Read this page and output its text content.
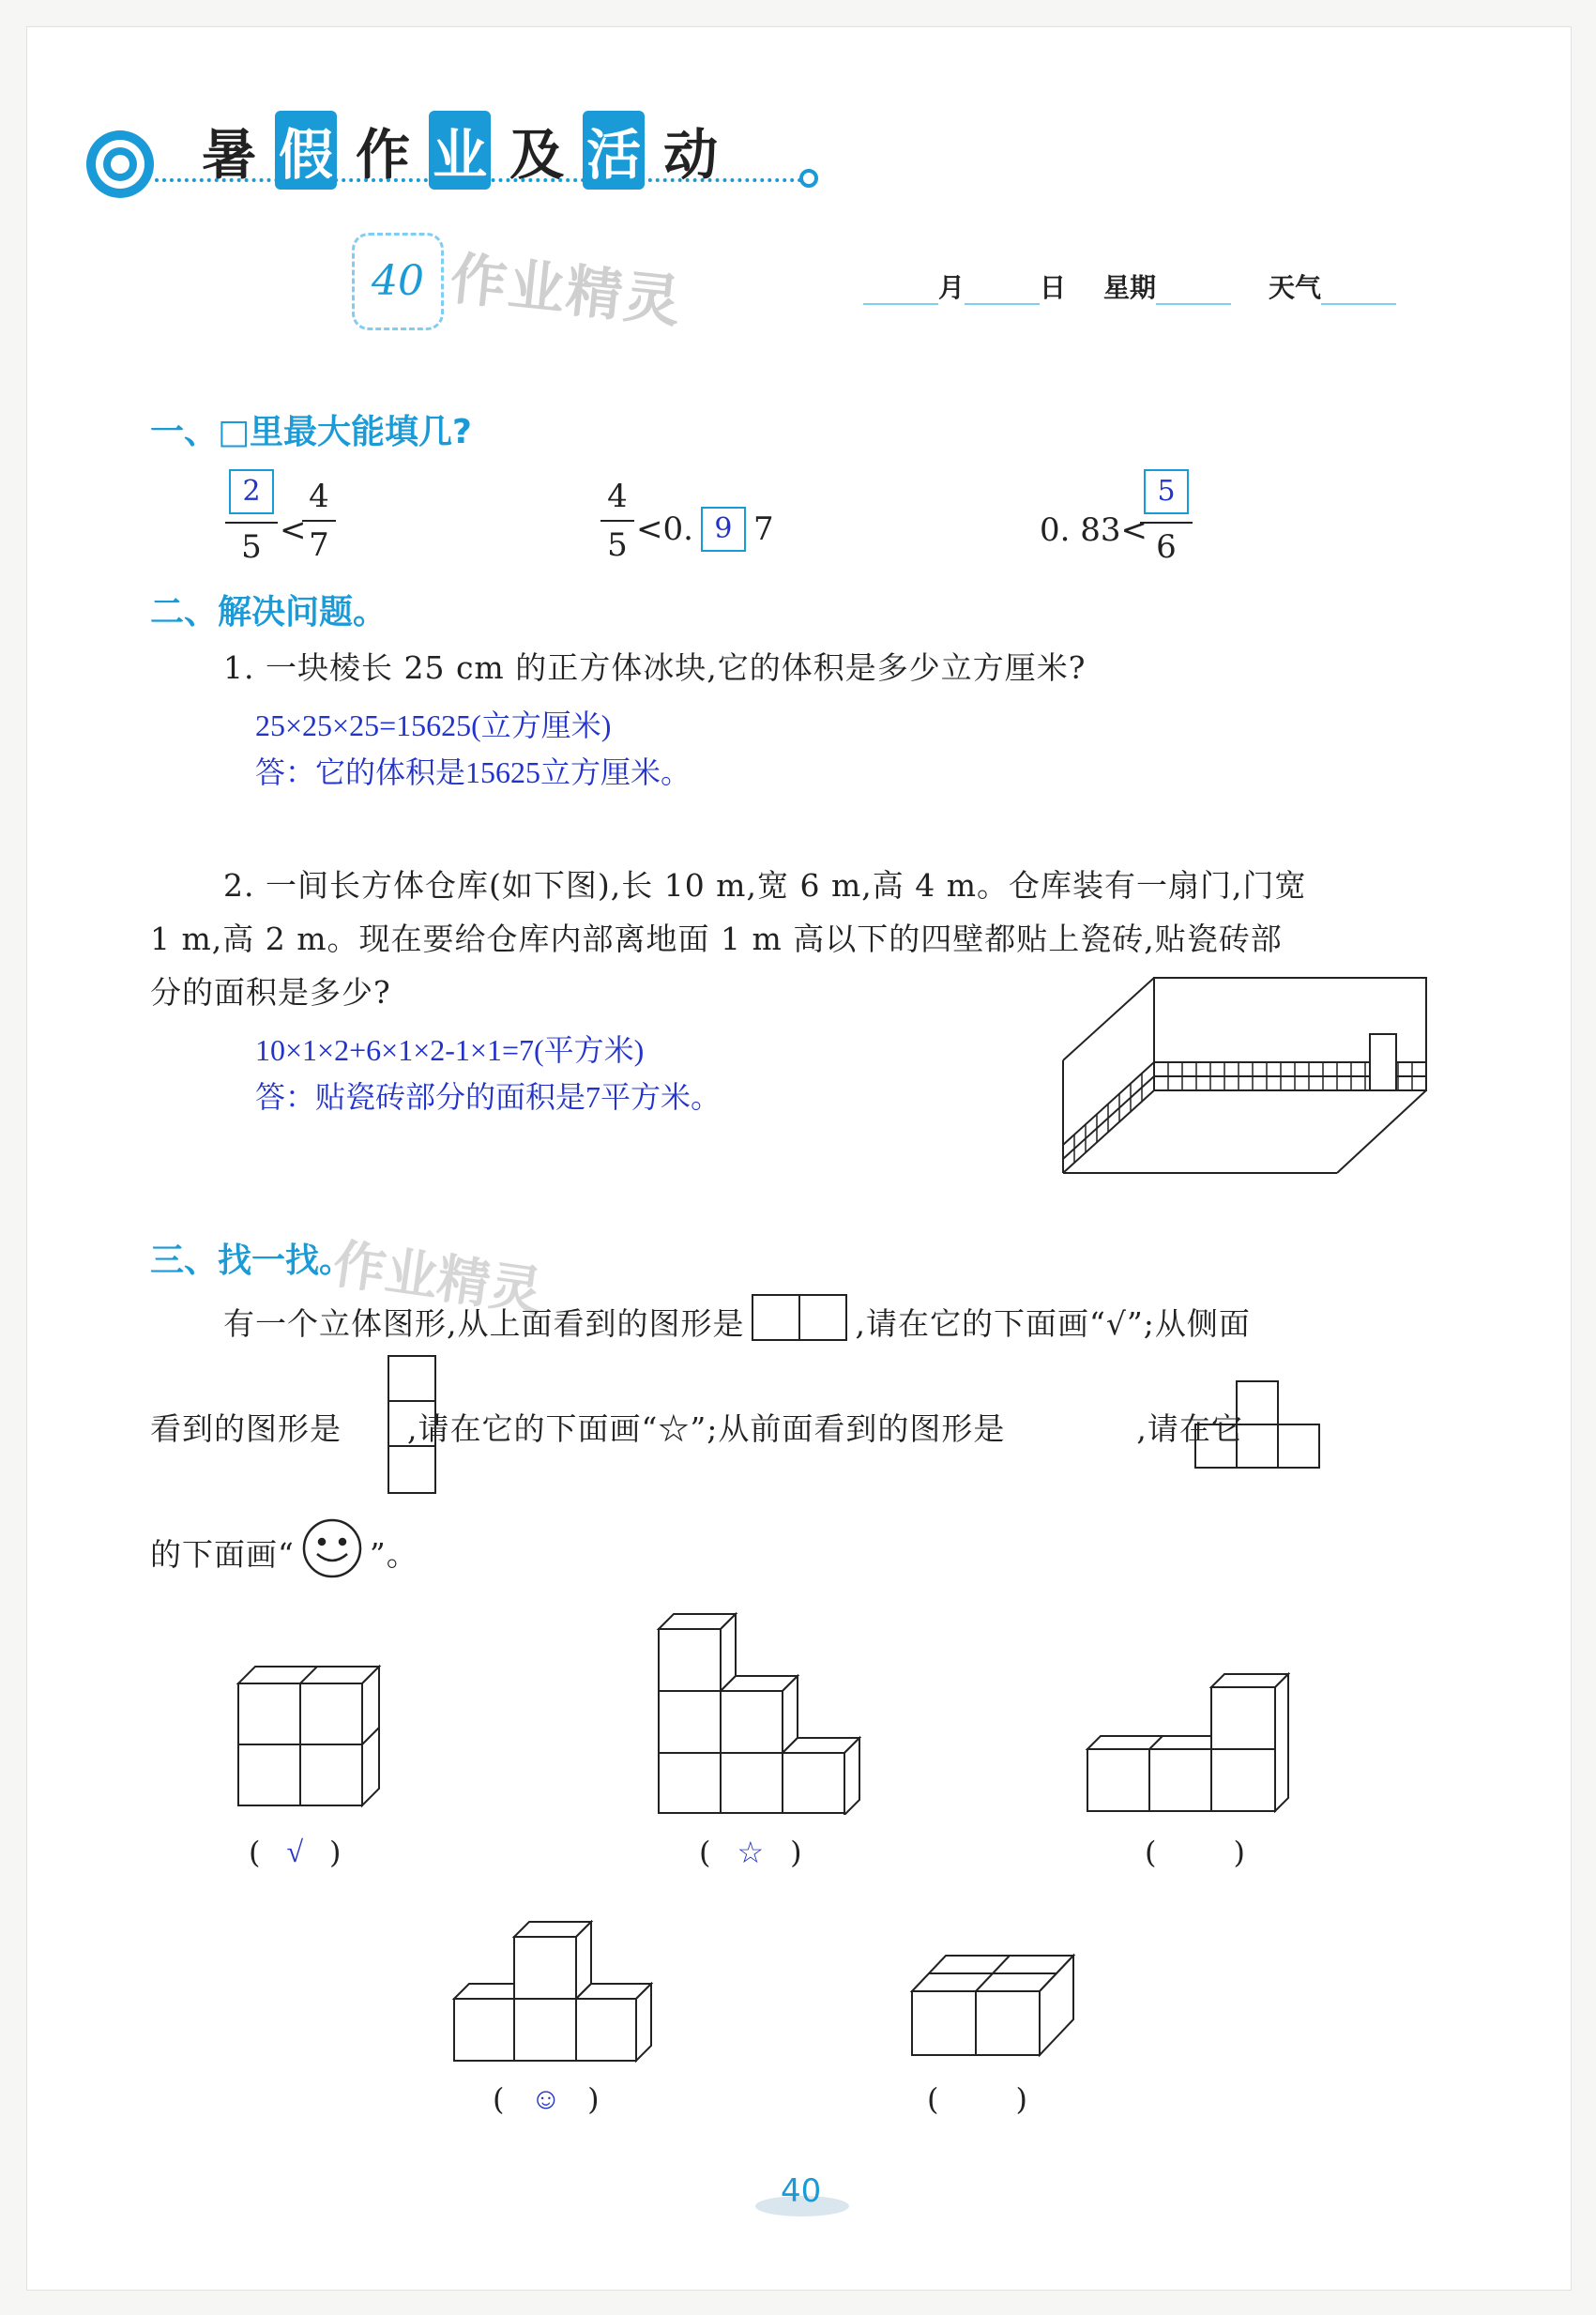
暑 假 作 业 及 活 动
40 作业精灵	月	日 星期	天气
一、□里最大能填几?
2
5 <
4
7
4
5 <0. 9 7	0. 83<
5
6
二、解决问题。
1. 一块棱长 25 cm 的正方体冰块,它的体积是多少立方厘米?
25×25×25=15625(立方厘米)
答：它的体积是15625立方厘米。
2. 一间长方体仓库(如下图),长 10 m,宽 6 m,高 4 m。仓库装有一扇门,门宽
1 m,高 2 m。现在要给仓库内部离地面 1 m 高以下的四壁都贴上瓷砖,贴瓷砖部
分的面积是多少?
10×1×2+6×1×2-1×1=7(平方米)
答：贴瓷砖部分的面积是7平方米。
三、找一找。
作业精灵
有一个立体图形,从上面看到的图形是	,请在它的下面画“√”;从侧面
看到的图形是 ,请在它的下面画“☆”;从前面看到的图形是	,请在它
的下面画“ ”。
( √ )	( ☆ )	(	)
( ☺ )	(	)
40
